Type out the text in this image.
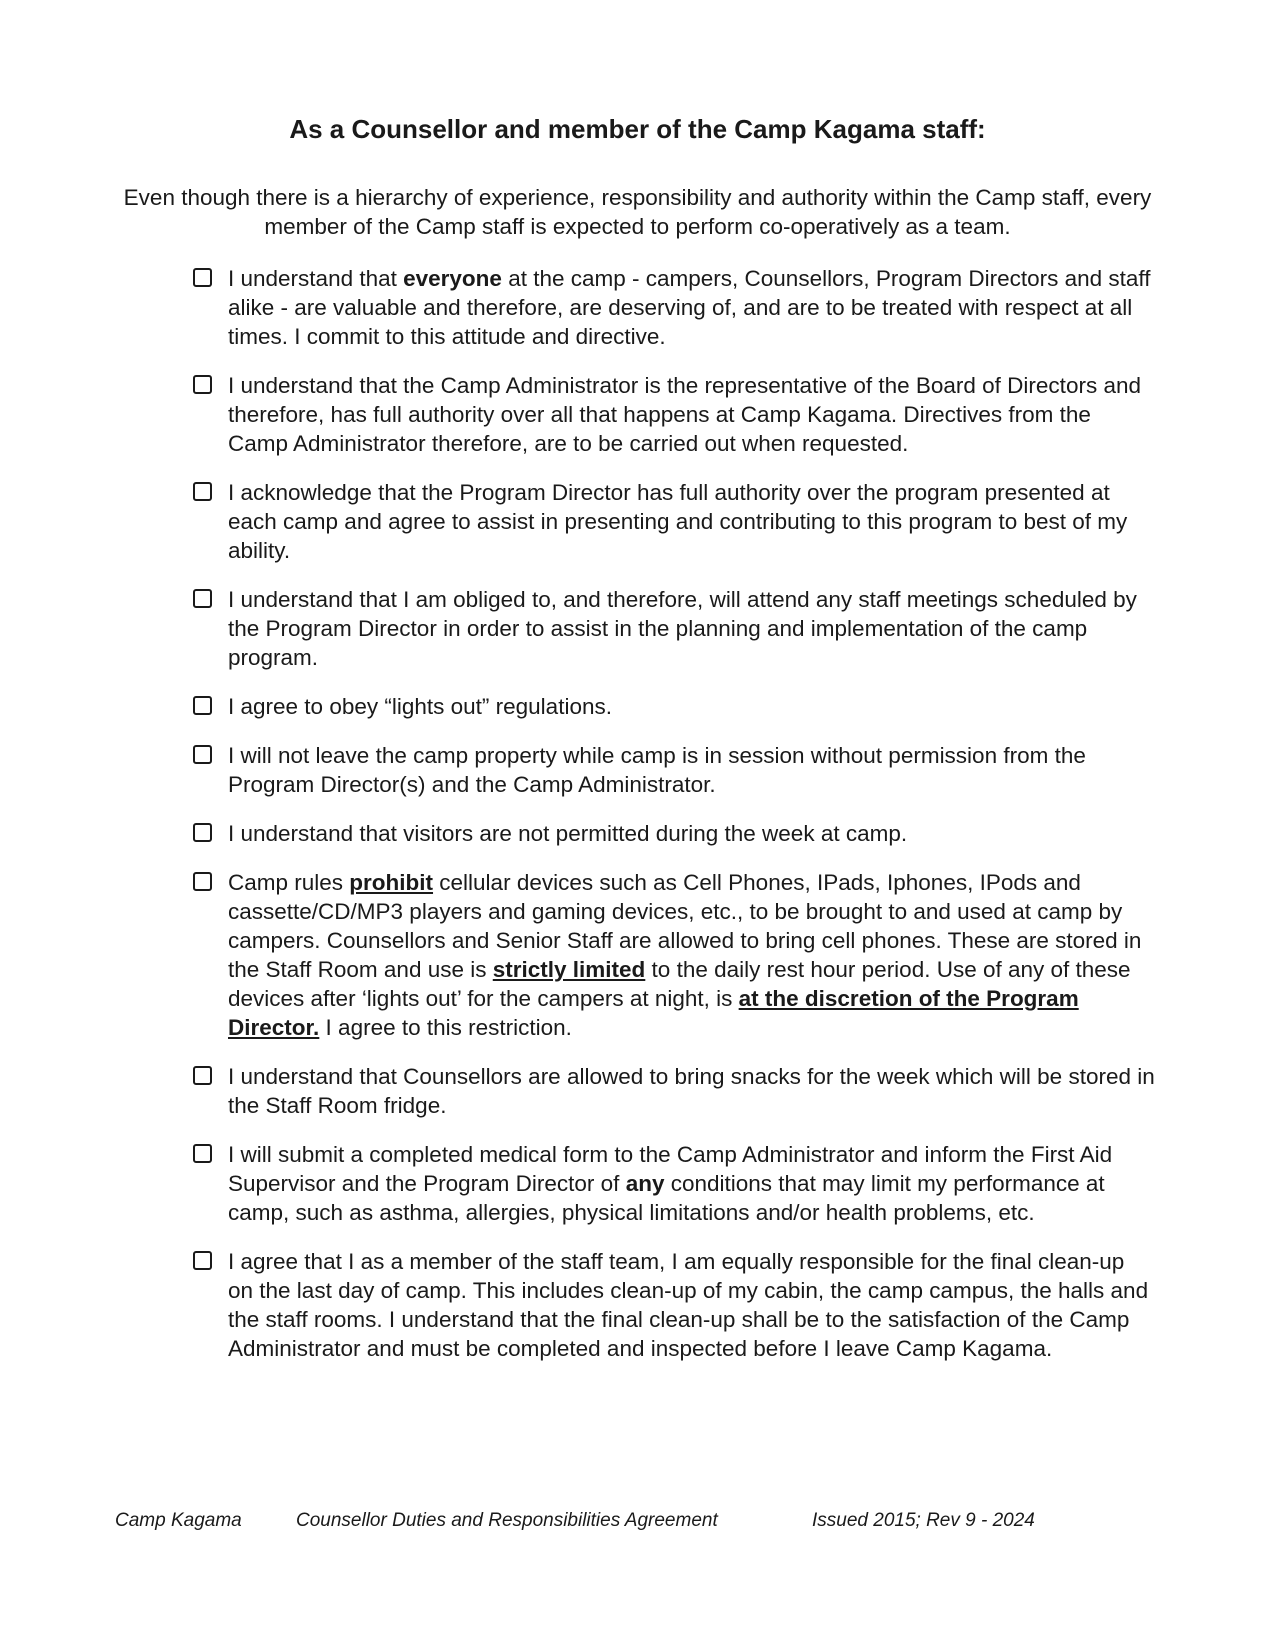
As a Counsellor and member of the Camp Kagama staff:

Even though there is a hierarchy of experience, responsibility and authority within the Camp staff, every member of the Camp staff is expected to perform co-operatively as a team.

I understand that everyone at the camp - campers, Counsellors, Program Directors and staff alike - are valuable and therefore, are deserving of, and are to be treated with respect at all times. I commit to this attitude and directive.
I understand that the Camp Administrator is the representative of the Board of Directors and therefore, has full authority over all that happens at Camp Kagama. Directives from the Camp Administrator therefore, are to be carried out when requested.
I acknowledge that the Program Director has full authority over the program presented at each camp and agree to assist in presenting and contributing to this program to best of my ability.
I understand that I am obliged to, and therefore, will attend any staff meetings scheduled by the Program Director in order to assist in the planning and implementation of the camp program.
I agree to obey “lights out” regulations.
I will not leave the camp property while camp is in session without permission from the Program Director(s) and the Camp Administrator.
I understand that visitors are not permitted during the week at camp.
Camp rules prohibit cellular devices such as Cell Phones, IPads, Iphones, IPods and cassette/CD/MP3 players and gaming devices, etc., to be brought to and used at camp by campers. Counsellors and Senior Staff are allowed to bring cell phones. These are stored in the Staff Room and use is strictly limited to the daily rest hour period. Use of any of these devices after ‘lights out’ for the campers at night, is at the discretion of the Program Director. I agree to this restriction.
I understand that Counsellors are allowed to bring snacks for the week which will be stored in the Staff Room fridge.
I will submit a completed medical form to the Camp Administrator and inform the First Aid Supervisor and the Program Director of any conditions that may limit my performance at camp, such as asthma, allergies, physical limitations and/or health problems, etc.
I agree that I as a member of the staff team, I am equally responsible for the final clean-up on the last day of camp. This includes clean-up of my cabin, the camp campus, the halls and the staff rooms. I understand that the final clean-up shall be to the satisfaction of the Camp Administrator and must be completed and inspected before I leave Camp Kagama.
Camp Kagama	Counsellor Duties and Responsibilities Agreement	Issued 2015; Rev 9 - 2024
